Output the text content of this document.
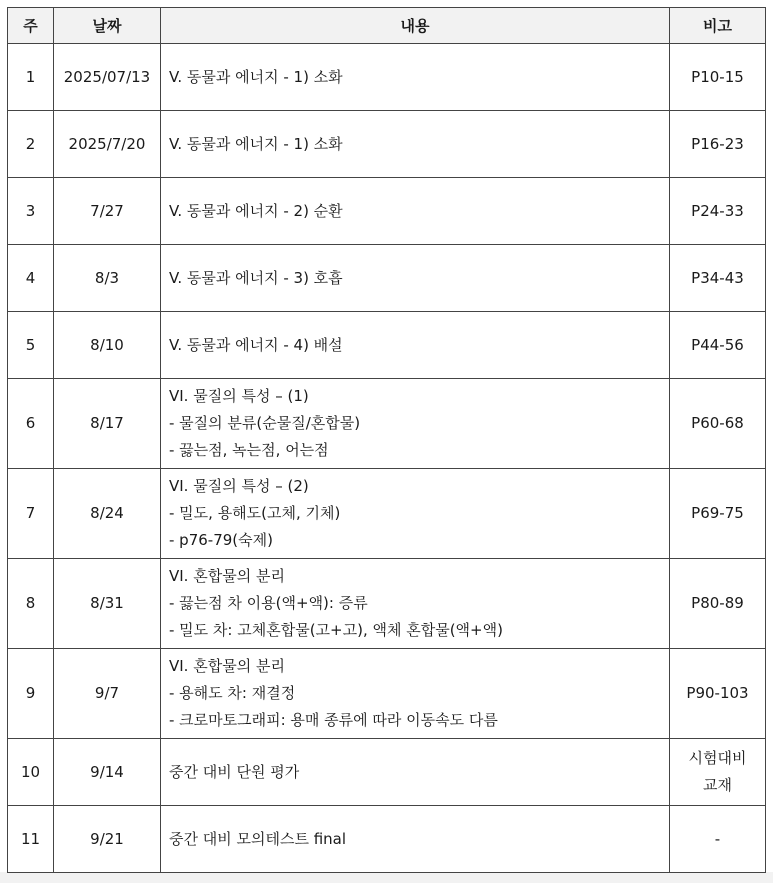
주	날짜	내용	비고
1	2025/07/13	V. 동물과 에너지 - 1) 소화	P10-15

2	2025/7/20	V. 동물과 에너지 - 1) 소화	P16-23

3	7/27	V. 동물과 에너지 - 2) 순환	P24-33

4	8/3	V. 동물과 에너지 - 3) 호흡	P34-43

5	8/10	V. 동물과 에너지 - 4) 배설	P44-56

6	8/17	VI. 물질의 특성 – (1)
- 물질의 분류(순물질/혼합물)
- 끓는점, 녹는점, 어는점	P60-68

7	8/24	VI. 물질의 특성 – (2)
- 밀도, 용해도(고체, 기체)
- p76-79(숙제)	P69-75

8	8/31	VI. 혼합물의 분리
- 끓는점 차 이용(액+액): 증류
- 밀도 차: 고체혼합물(고+고), 액체 혼합물(액+액)	P80-89

9	9/7	VI. 혼합물의 분리
- 용해도 차: 재결정
- 크로마토그래피: 용매 종류에 따라 이동속도 다름	P90-103

10	9/14	중간 대비 단원 평가	시험대비
교재

11	9/21	중간 대비 모의테스트 final	-
